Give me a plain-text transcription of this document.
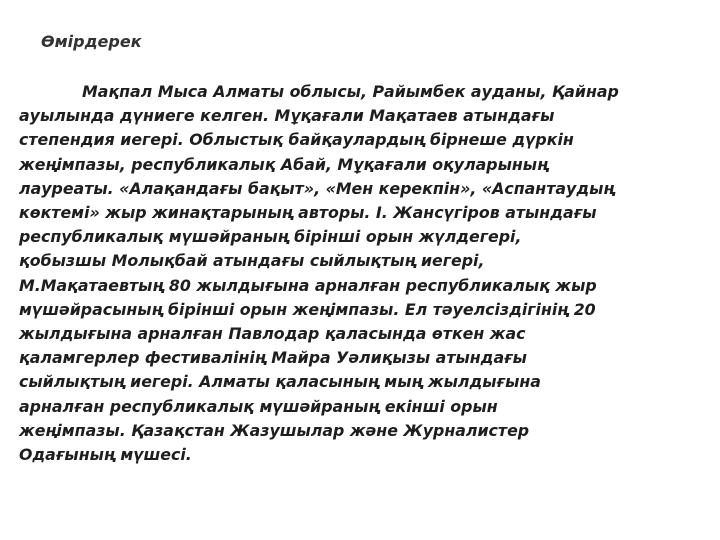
Өмірдерек

Мақпал Мыса Алматы облысы, Райымбек ауданы, Қайнар
ауылында дүниеге келген. Мұқағали Мақатаев атындағы
степендия иегері. Облыстық байқаулардың бірнеше дүркін
жеңімпазы, республикалық Абай, Мұқағали оқуларының
лауреаты. «Алақандағы бақыт», «Мен керекпін», «Аспантаудың
көктемі» жыр жинақтарының авторы. І. Жансүгіров атындағы
республикалық мүшәйраның бірінші орын жүлдегері,
қобызшы Молықбай атындағы сыйлықтың иегері,
М.Мақатаевтың 80 жылдығына арналған республикалық жыр
мүшәйрасының бірінші орын жеңімпазы. Ел тәуелсіздігінің 20
жылдығына арналған Павлодар қаласында өткен жас
қаламгерлер фестивалінің Майра Уәлиқызы атындағы
сыйлықтың иегері. Алматы қаласының мың жылдығына
арналған республикалық мүшәйраның екінші орын
жеңімпазы. Қазақстан Жазушылар және Журналистер
Одағының мүшесі.
